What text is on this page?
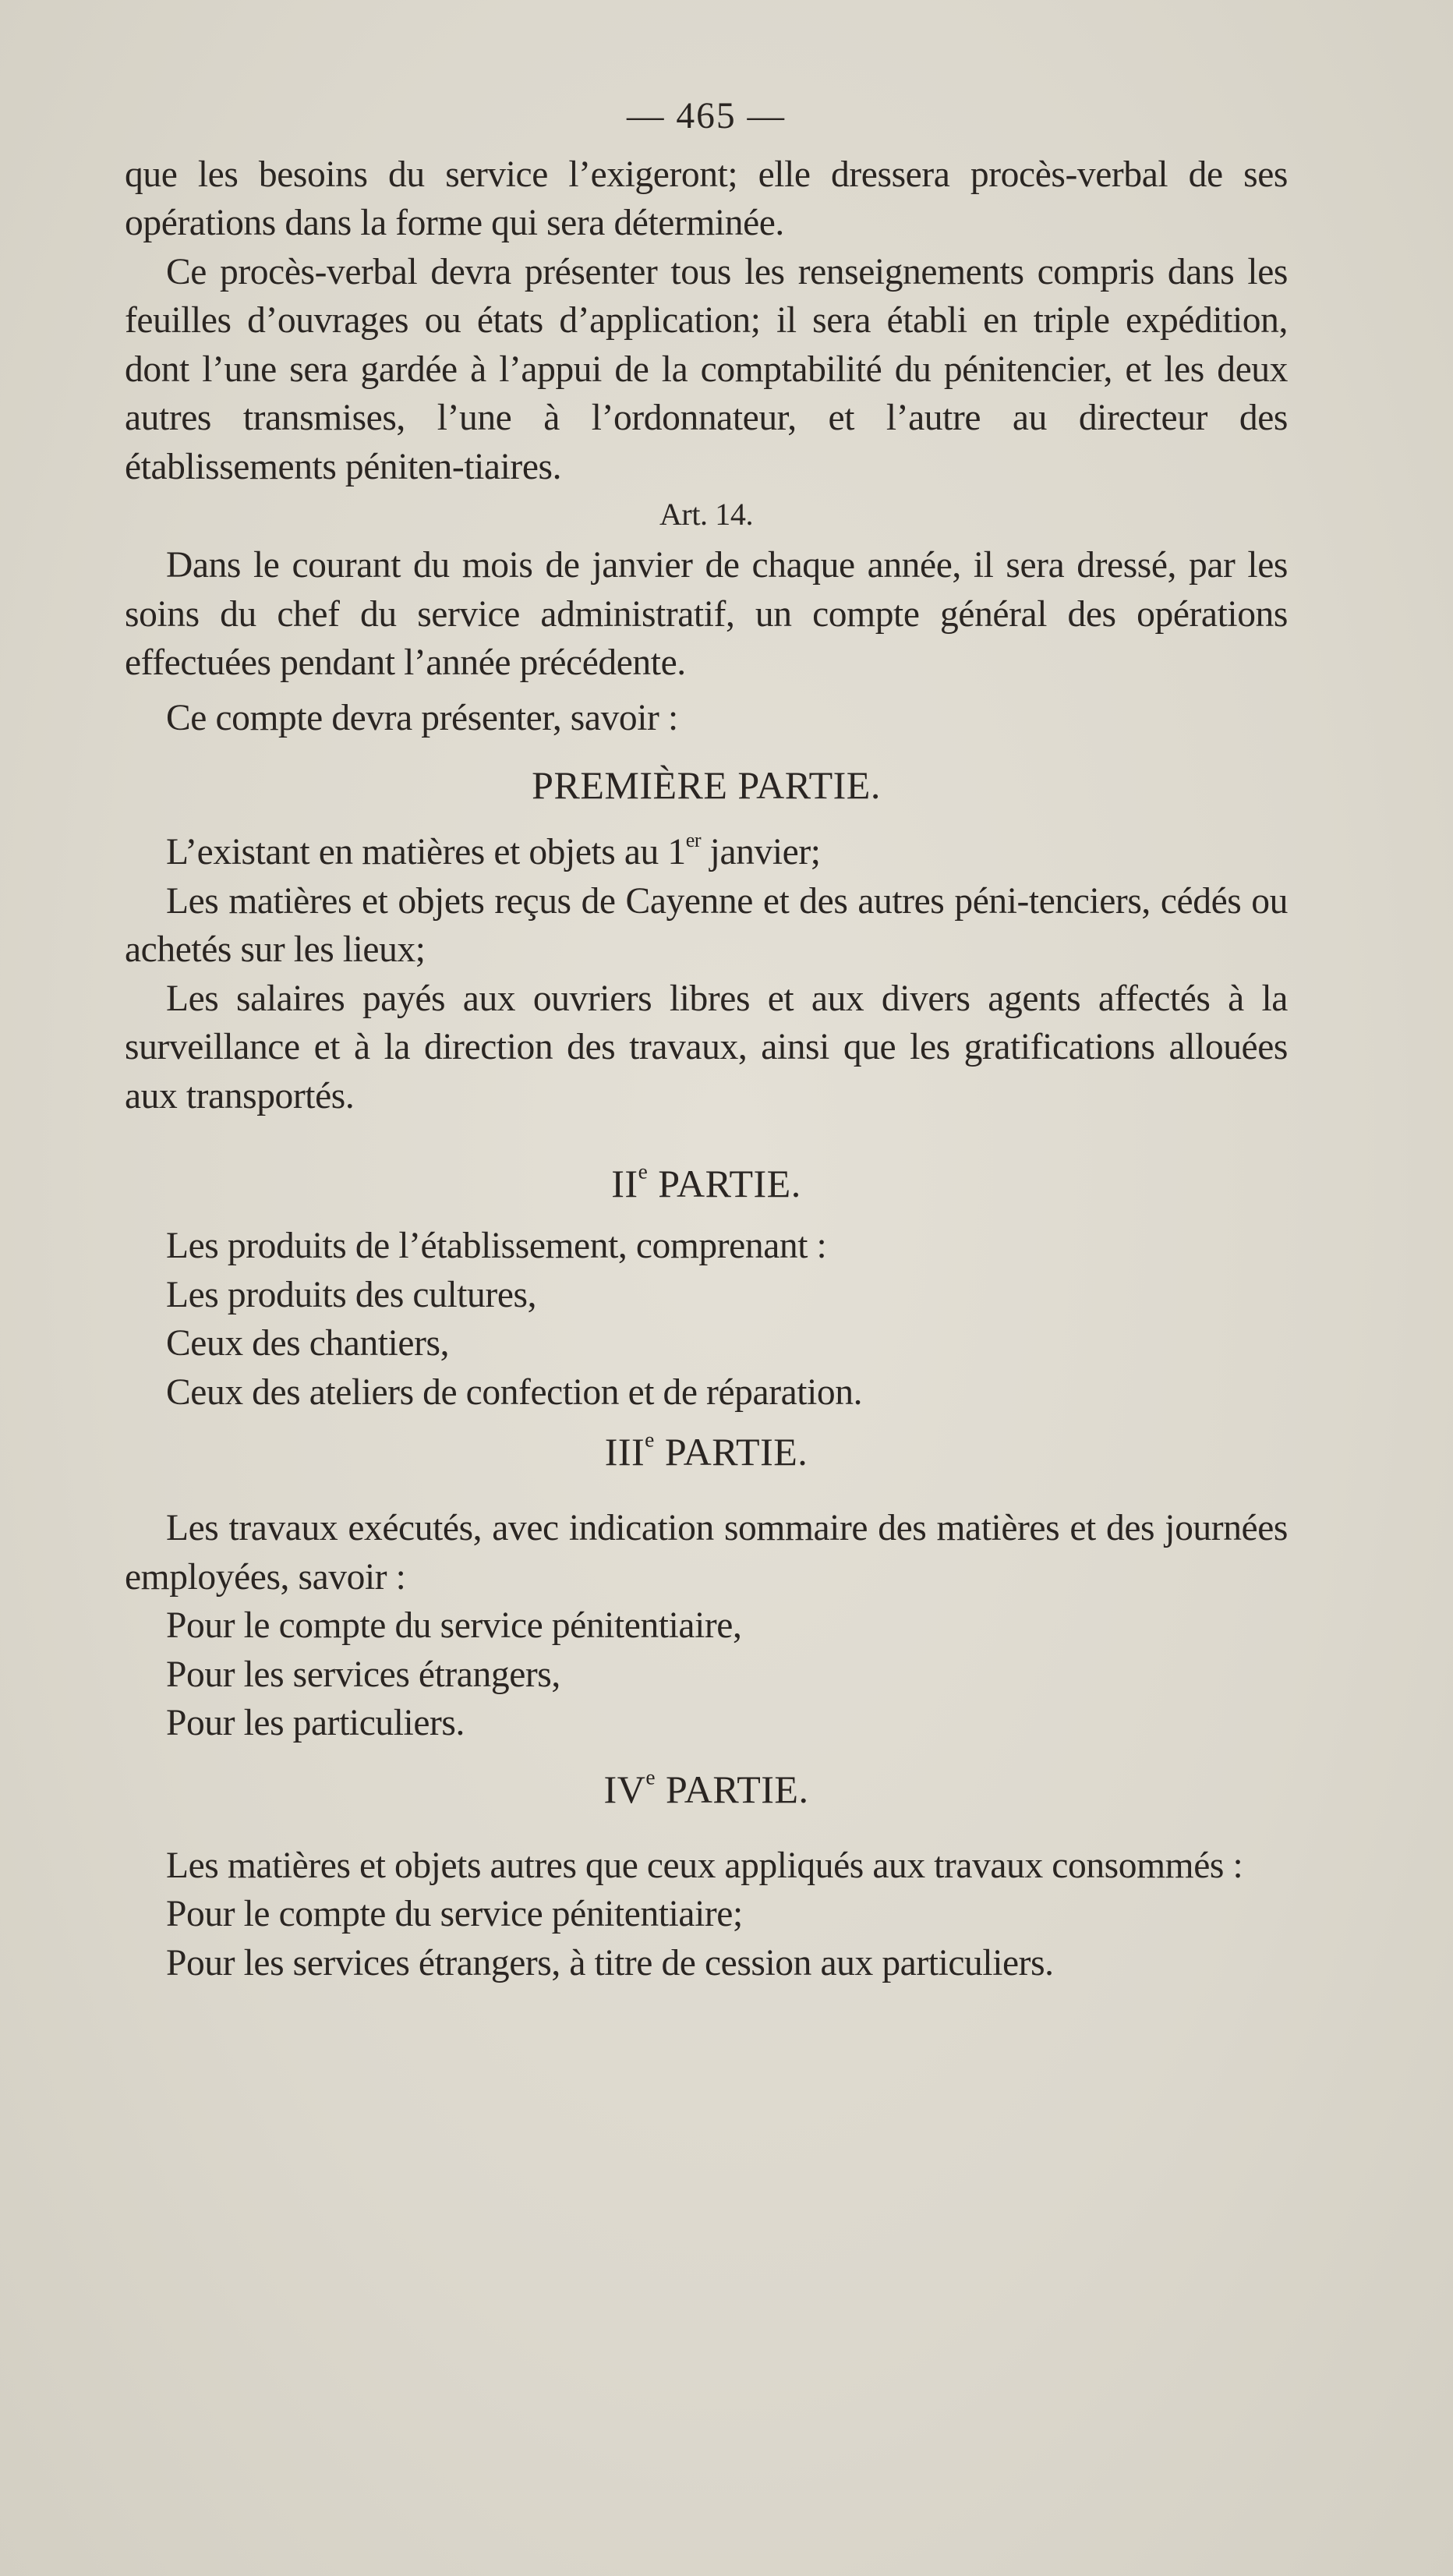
— 465 —

que les besoins du service l’exigeront; elle dressera procès-verbal de ses opérations dans la forme qui sera déterminée.

Ce procès-verbal devra présenter tous les renseignements compris dans les feuilles d’ouvrages ou états d’application; il sera établi en triple expédition, dont l’une sera gardée à l’appui de la comptabilité du pénitencier, et les deux autres transmises, l’une à l’ordonnateur, et l’autre au directeur des établissements péniten-tiaires.

Art. 14.

Dans le courant du mois de janvier de chaque année, il sera dressé, par les soins du chef du service administratif, un compte général des opérations effectuées pendant l’année précédente.

Ce compte devra présenter, savoir :

PREMIÈRE PARTIE.

L’existant en matières et objets au 1er janvier;

Les matières et objets reçus de Cayenne et des autres péni-tenciers, cédés ou achetés sur les lieux;

Les salaires payés aux ouvriers libres et aux divers agents affectés à la surveillance et à la direction des travaux, ainsi que les gratifications allouées aux transportés.

IIe PARTIE.

Les produits de l’établissement, comprenant :

Les produits des cultures,

Ceux des chantiers,

Ceux des ateliers de confection et de réparation.

IIIe PARTIE.

Les travaux exécutés, avec indication sommaire des matières et des journées employées, savoir :

Pour le compte du service pénitentiaire,

Pour les services étrangers,

Pour les particuliers.

IVe PARTIE.

Les matières et objets autres que ceux appliqués aux travaux consommés :

Pour le compte du service pénitentiaire;

Pour les services étrangers, à titre de cession aux particuliers.
